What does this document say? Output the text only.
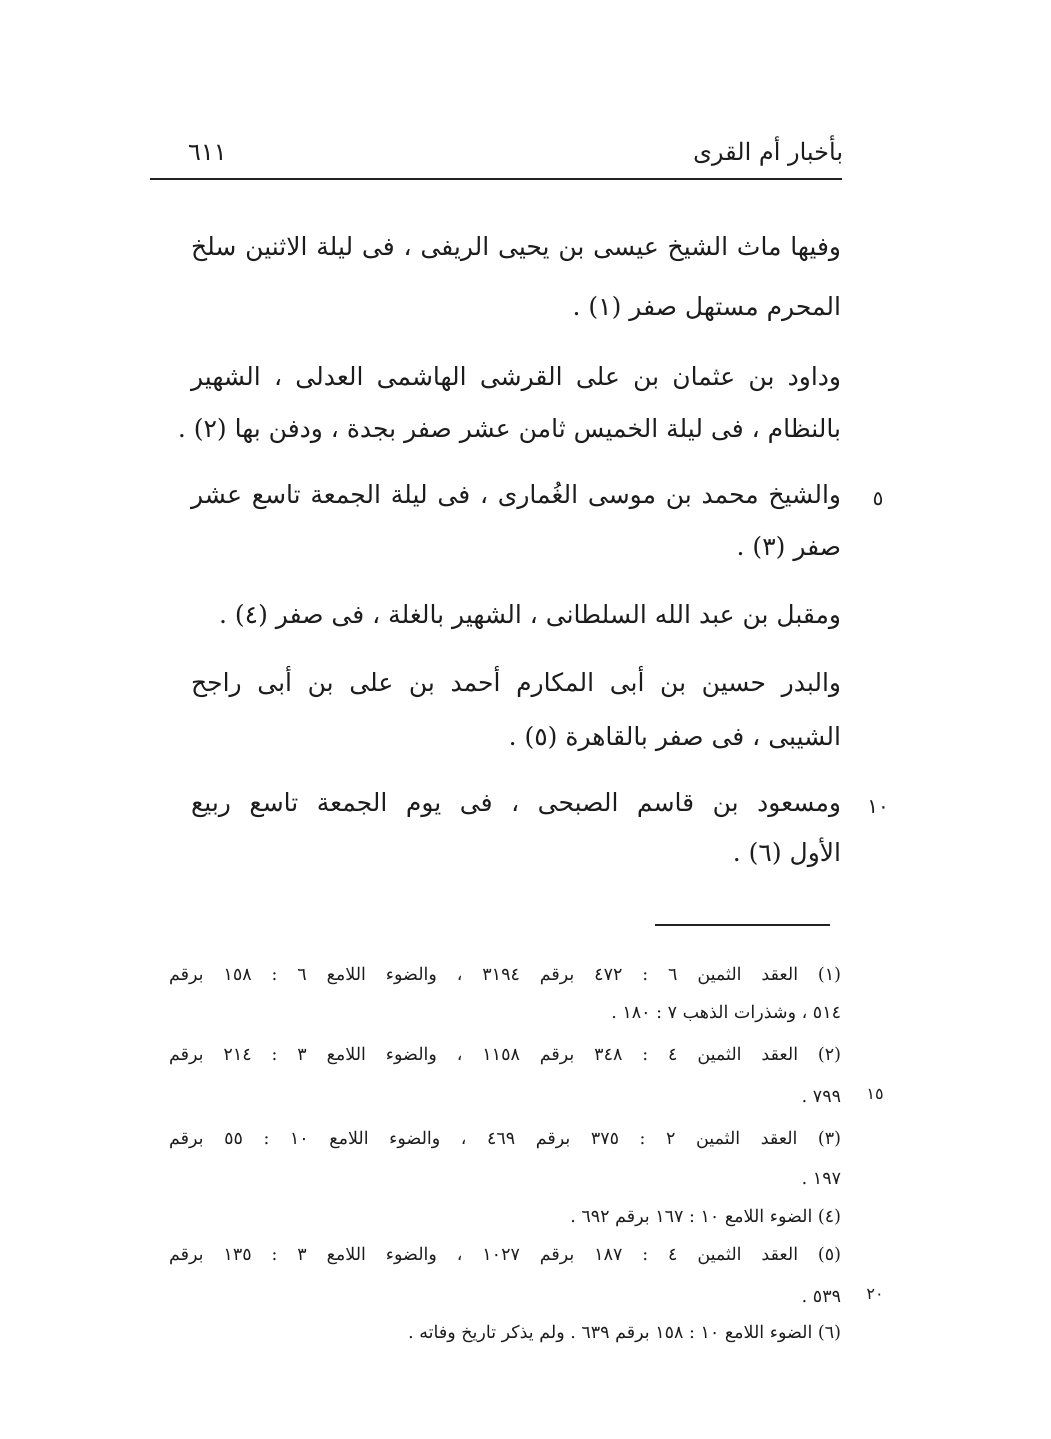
بأخبار أم القرى
٦١١
وفيها ماث الشيخ عيسى بن يحيى الريفى ، فى ليلة الاثنين سلخ
المحرم مستهل صفر (١) .
وداود بن عثمان بن على القرشى الهاشمى العدلى ، الشهير
بالنظام ، فى ليلة الخميس ثامن عشر صفر بجدة ، ودفن بها (٢) .
والشيخ محمد بن موسى الغُمارى ، فى ليلة الجمعة تاسع عشر
صفر (٣) .
ومقبل بن عبد الله السلطانى ، الشهير بالغلة ، فى صفر (٤) .
والبدر حسين بن أبى المكارم أحمد بن على بن أبى راجح
الشيبى ، فى صفر بالقاهرة (٥) .
ومسعود بن قاسم الصبحى ، فى يوم الجمعة تاسع ربيع
الأول (٦) .
٥
١٠
(١) العقد الثمين ٦ : ٤٧٢ برقم ٣١٩٤ ، والضوء اللامع ٦ : ١٥٨ برقم
٥١٤ ، وشذرات الذهب ٧ : ١٨٠ .
(٢) العقد الثمين ٤ : ٣٤٨ برقم ١١٥٨ ، والضوء اللامع ٣ : ٢١٤ برقم
٧٩٩ .
(٣) العقد الثمين ٢ : ٣٧٥ برقم ٤٦٩ ، والضوء اللامع ١٠ : ٥٥ برقم
١٩٧ .
(٤) الضوء اللامع ١٠ : ١٦٧ برقم ٦٩٢ .
(٥) العقد الثمين ٤ : ١٨٧ برقم ١٠٢٧ ، والضوء اللامع ٣ : ١٣٥ برقم
٥٣٩ .
(٦) الضوء اللامع ١٠ : ١٥٨ برقم ٦٣٩ . ولم يذكر تاريخ وفاته .
١٥
٢٠
